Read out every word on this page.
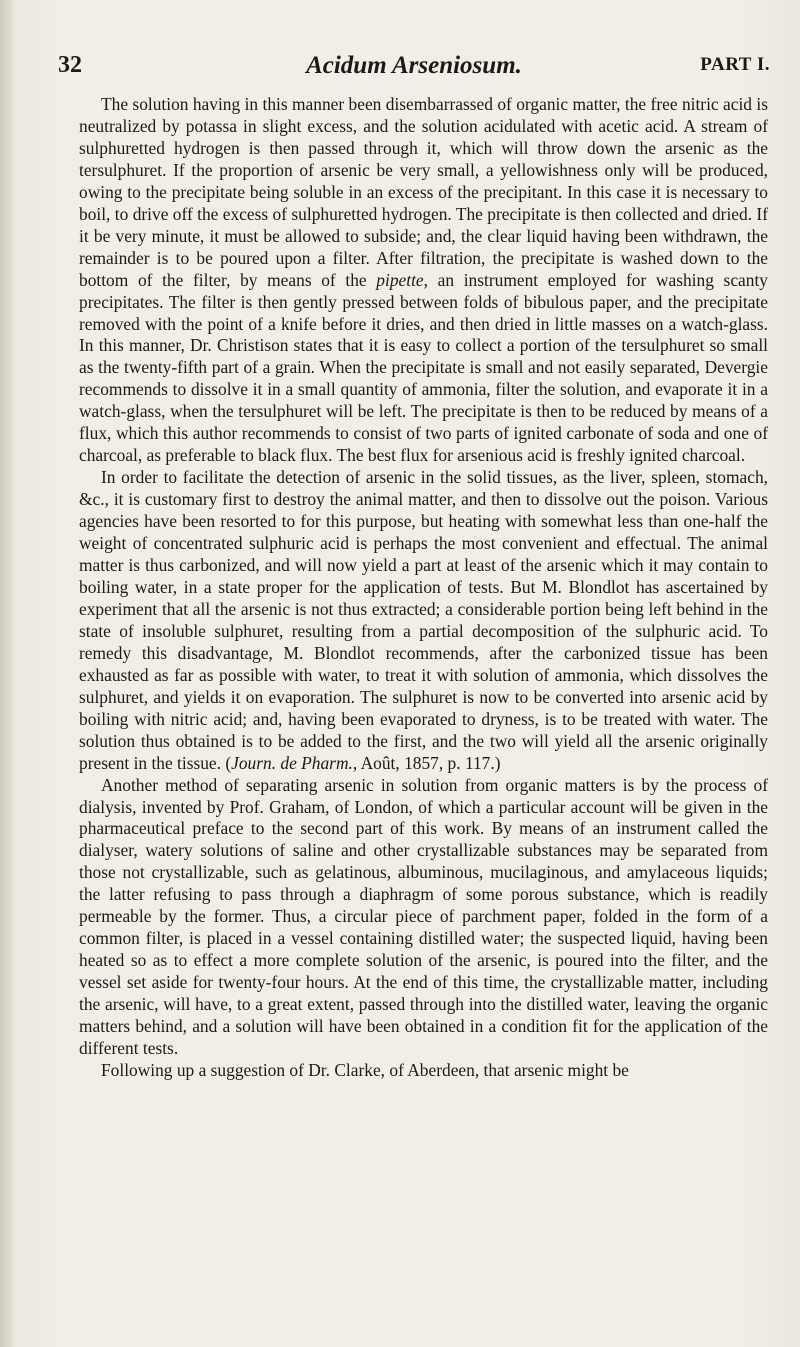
Acidum Arseniosum.
32	PART I.

The solution having in this manner been disembarrassed of organic matter, the free nitric acid is neutralized by potassa in slight excess, and the solution acidulated with acetic acid. A stream of sulphuretted hydrogen is then passed through it, which will throw down the arsenic as the tersulphuret. If the proportion of arsenic be very small, a yellowishness only will be produced, owing to the precipitate being soluble in an excess of the precipitant. In this case it is necessary to boil, to drive off the excess of sulphuretted hydrogen. The precipitate is then collected and dried. If it be very minute, it must be allowed to subside; and, the clear liquid having been withdrawn, the remainder is to be poured upon a filter. After filtration, the precipitate is washed down to the bottom of the filter, by means of the pipette, an instrument employed for washing scanty precipitates. The filter is then gently pressed between folds of bibulous paper, and the precipitate removed with the point of a knife before it dries, and then dried in little masses on a watch-glass. In this manner, Dr. Christison states that it is easy to collect a portion of the tersulphuret so small as the twenty-fifth part of a grain. When the precipitate is small and not easily separated, Devergie recommends to dissolve it in a small quantity of ammonia, filter the solution, and evaporate it in a watch-glass, when the tersulphuret will be left. The precipitate is then to be reduced by means of a flux, which this author recommends to consist of two parts of ignited carbonate of soda and one of charcoal, as preferable to black flux. The best flux for arsenious acid is freshly ignited charcoal.

In order to facilitate the detection of arsenic in the solid tissues, as the liver, spleen, stomach, &c., it is customary first to destroy the animal matter, and then to dissolve out the poison. Various agencies have been resorted to for this purpose, but heating with somewhat less than one-half the weight of concentrated sulphuric acid is perhaps the most convenient and effectual. The animal matter is thus carbonized, and will now yield a part at least of the arsenic which it may contain to boiling water, in a state proper for the application of tests. But M. Blondlot has ascertained by experiment that all the arsenic is not thus extracted; a considerable portion being left behind in the state of insoluble sulphuret, resulting from a partial decomposition of the sulphuric acid. To remedy this disadvantage, M. Blondlot recommends, after the carbonized tissue has been exhausted as far as possible with water, to treat it with solution of ammonia, which dissolves the sulphuret, and yields it on evaporation. The sulphuret is now to be converted into arsenic acid by boiling with nitric acid; and, having been evaporated to dryness, is to be treated with water. The solution thus obtained is to be added to the first, and the two will yield all the arsenic originally present in the tissue. (Journ. de Pharm., Août, 1857, p. 117.)

Another method of separating arsenic in solution from organic matters is by the process of dialysis, invented by Prof. Graham, of London, of which a particular account will be given in the pharmaceutical preface to the second part of this work. By means of an instrument called the dialyser, watery solutions of saline and other crystallizable substances may be separated from those not crystallizable, such as gelatinous, albuminous, mucilaginous, and amylaceous liquids; the latter refusing to pass through a diaphragm of some porous substance, which is readily permeable by the former. Thus, a circular piece of parchment paper, folded in the form of a common filter, is placed in a vessel containing distilled water; the suspected liquid, having been heated so as to effect a more complete solution of the arsenic, is poured into the filter, and the vessel set aside for twenty-four hours. At the end of this time, the crystallizable matter, including the arsenic, will have, to a great extent, passed through into the distilled water, leaving the organic matters behind, and a solution will have been obtained in a condition fit for the application of the different tests.

Following up a suggestion of Dr. Clarke, of Aberdeen, that arsenic might be
